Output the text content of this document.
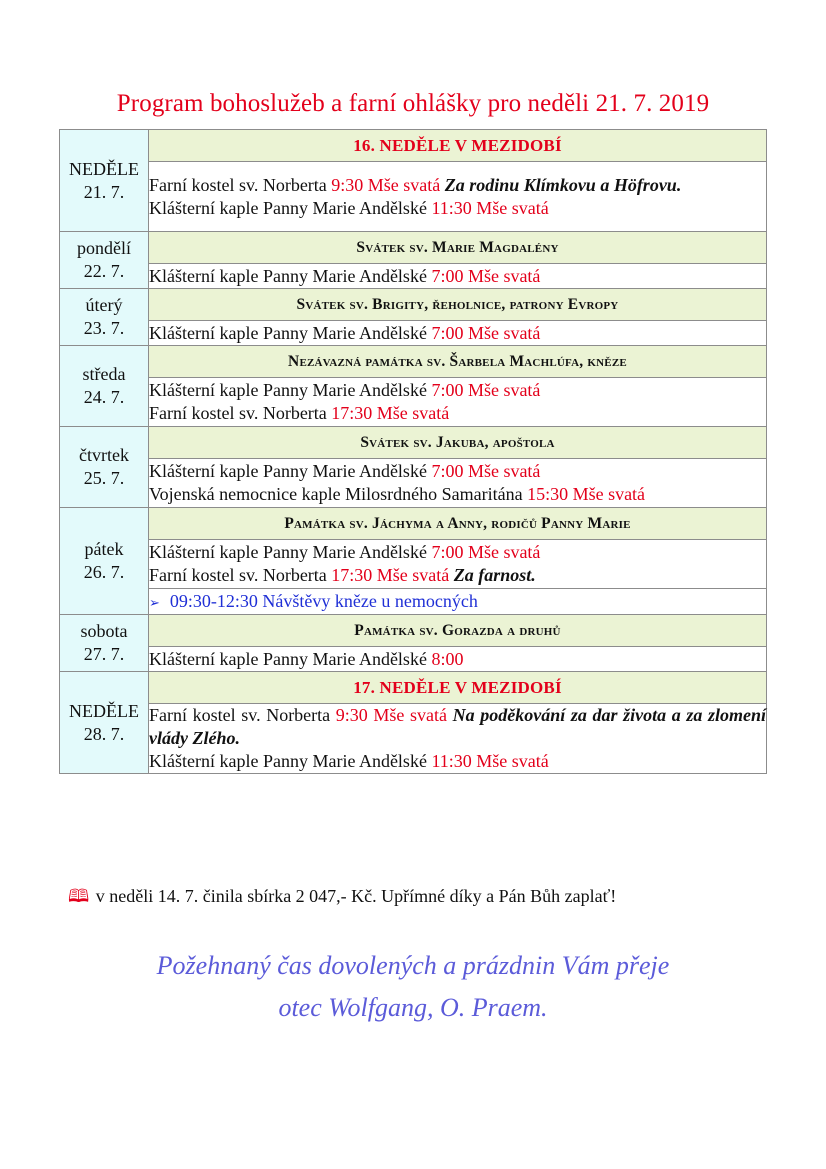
Program bohoslužeb a farní ohlášky pro neděli 21. 7. 2019
NEDĚLE
21. 7.	16. NEDĚLE V MEZIDOBÍ

	Farní kostel sv. Norberta 9:30 Mše svatá Za rodinu Klímkovu a Höfrovu.
Klášterní kaple Panny Marie Andělské 11:30 Mše svatá

pondělí
22. 7.	Svátek sv. Marie Magdalény

	Klášterní kaple Panny Marie Andělské 7:00 Mše svatá

úterý
23. 7.	Svátek sv. Brigity, řeholnice, patrony Evropy

	Klášterní kaple Panny Marie Andělské 7:00 Mše svatá

středa
24. 7.	Nezávazná památka sv. Šarbela Machlúfa, kněze

	Klášterní kaple Panny Marie Andělské 7:00 Mše svatá
Farní kostel sv. Norberta 17:30 Mše svatá

čtvrtek
25. 7.	Svátek sv. Jakuba, apoštola

	Klášterní kaple Panny Marie Andělské 7:00 Mše svatá
Vojenská nemocnice kaple Milosrdného Samaritána 15:30 Mše svatá

pátek
26. 7.	Památka sv. Jáchyma a Anny, rodičů Panny Marie

	Klášterní kaple Panny Marie Andělské 7:00 Mše svatá
Farní kostel sv. Norberta 17:30 Mše svatá Za farnost.

	➢ 09:30-12:30 Návštěvy kněze u nemocných

sobota
27. 7.	Památka sv. Gorazda a druhů

	Klášterní kaple Panny Marie Andělské 8:00

NEDĚLE
28. 7.	17. NEDĚLE V MEZIDOBÍ

	Farní kostel sv. Norberta 9:30 Mše svatá Na poděkování za dar života a za zlomení vlády Zlého.
Klášterní kaple Panny Marie Andělské 11:30 Mše svatá
🕮 v neděli 14. 7. činila sbírka 2 047,- Kč. Upřímné díky a Pán Bůh zaplať!
Požehnaný čas dovolených a prázdnin Vám přeje
otec Wolfgang, O. Praem.
